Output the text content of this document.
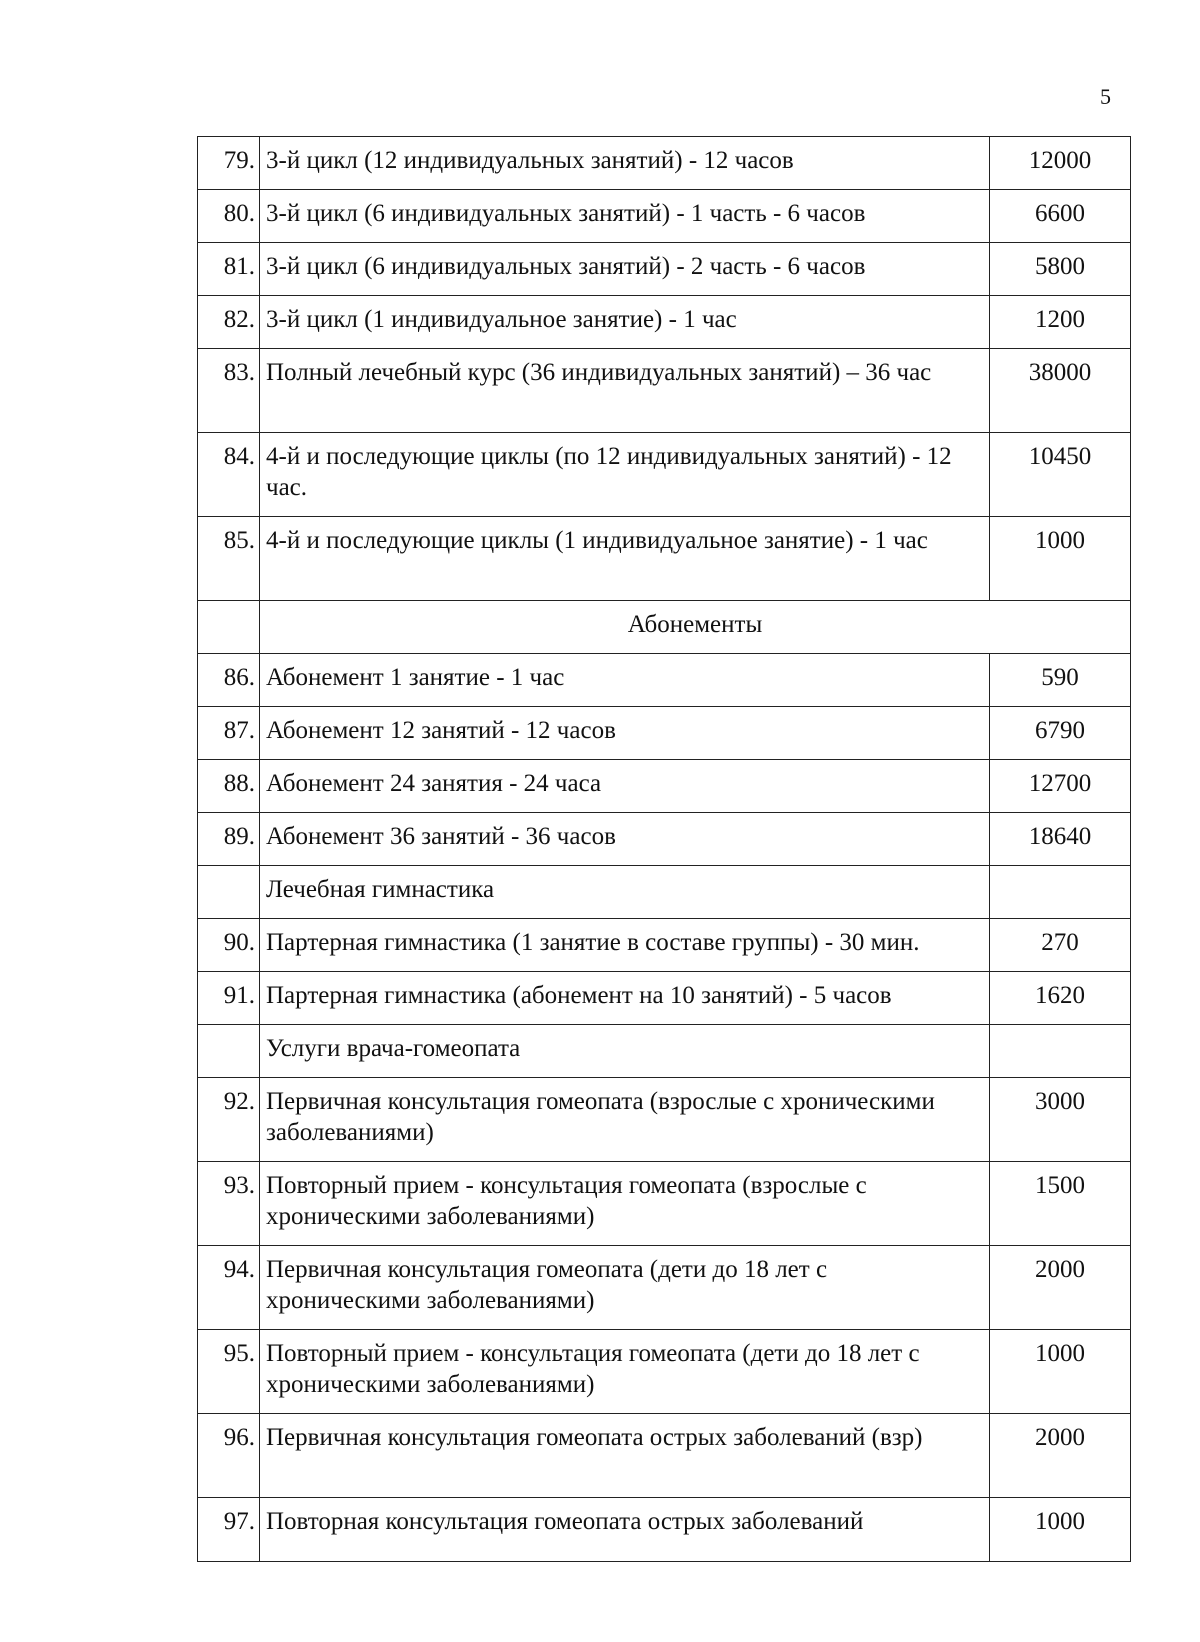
5
79.	3-й цикл (12 индивидуальных занятий) - 12 часов	12000
80.	3-й цикл (6 индивидуальных занятий) - 1 часть - 6 часов	6600
81.	3-й цикл (6 индивидуальных занятий) - 2 часть - 6 часов	5800
82.	3-й цикл (1 индивидуальное занятие) - 1 час	1200
83.	Полный лечебный курс (36 индивидуальных занятий) – 36 час	38000
84.	4-й и последующие циклы (по 12 индивидуальных занятий) - 12 час.	10450
85.	4-й и последующие циклы (1 индивидуальное занятие) - 1 час	1000
	Абонементы	
86.	Абонемент 1 занятие - 1 час	590
87.	Абонемент 12 занятий - 12 часов	6790
88.	Абонемент 24 занятия - 24 часа	12700
89.	Абонемент 36 занятий - 36 часов	18640
	Лечебная гимнастика	
90.	Партерная гимнастика (1 занятие в составе группы) - 30 мин.	270
91.	Партерная гимнастика (абонемент на 10 занятий) - 5 часов	1620
	Услуги врача-гомеопата	
92.	Первичная консультация гомеопата (взрослые с хроническими заболеваниями)	3000
93.	Повторный прием - консультация гомеопата (взрослые с хроническими заболеваниями)	1500
94.	Первичная консультация гомеопата (дети до 18 лет с хроническими заболеваниями)	2000
95.	Повторный прием - консультация гомеопата (дети до 18 лет с хроническими заболеваниями)	1000
96.	Первичная консультация гомеопата острых заболеваний (взр)	2000
97.	Повторная консультация гомеопата острых заболеваний	1000
